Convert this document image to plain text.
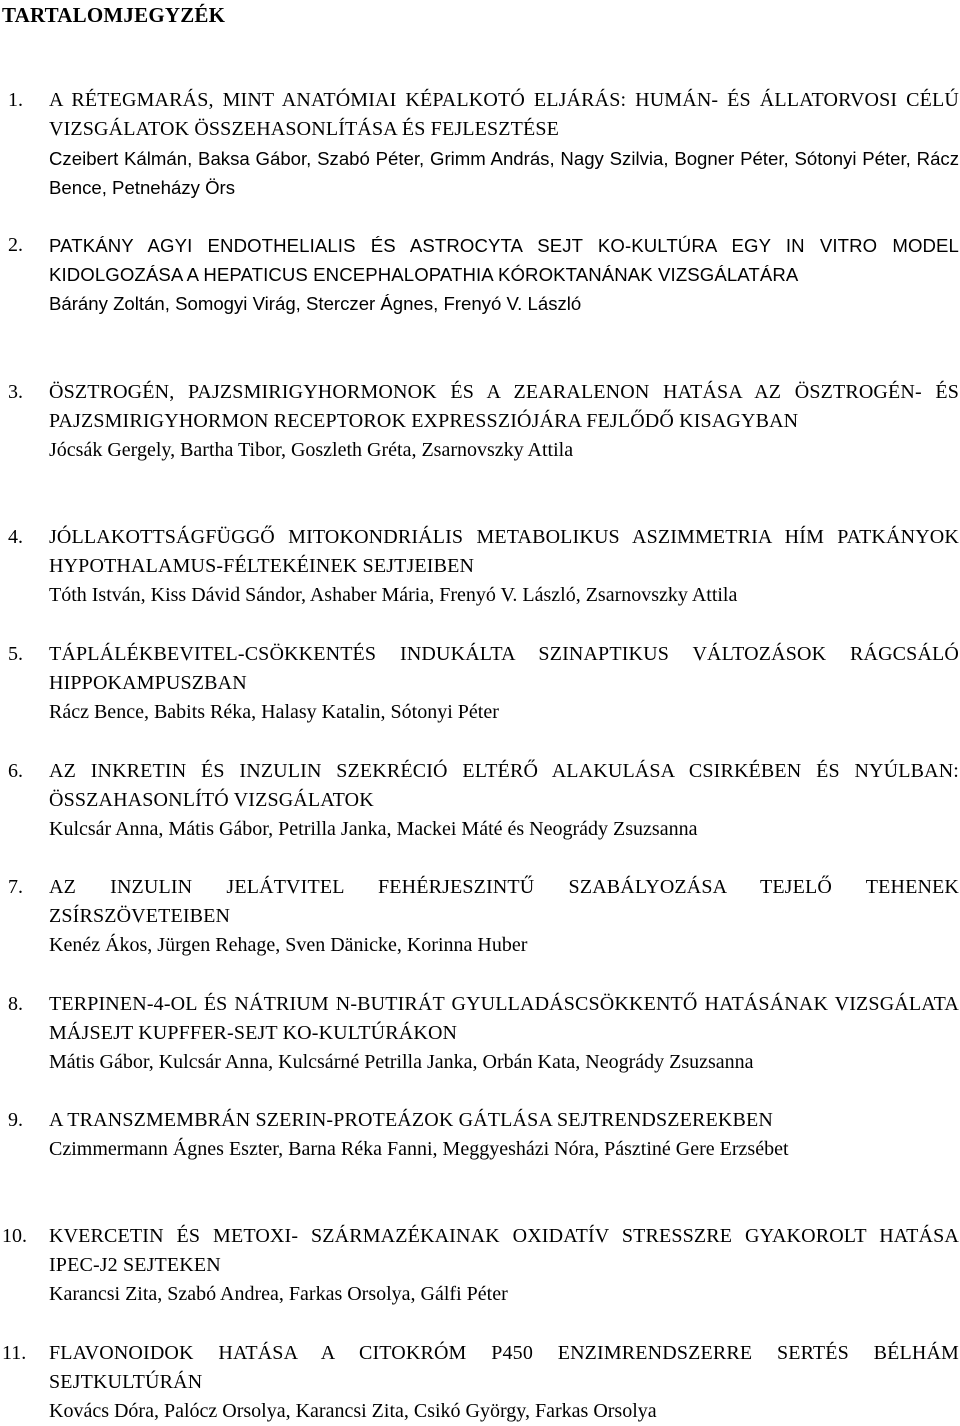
TARTALOMJEGYZÉK
1. A RÉTEGMARÁS, MINT ANATÓMIAI KÉPALKOTÓ ELJÁRÁS: HUMÁN- ÉS ÁLLATORVOSI CÉLÚ VIZSGÁLATOK ÖSSZEHASONLÍTÁSA ÉS FEJLESZTÉSE

Czeibert Kálmán, Baksa Gábor, Szabó Péter, Grimm András, Nagy Szilvia, Bogner Péter, Sótonyi Péter, Rácz Bence, Petneházy Örs

2. PATKÁNY AGYI ENDOTHELIALIS ÉS ASTROCYTA SEJT KO-KULTÚRA EGY IN VITRO MODEL KIDOLGOZÁSA A HEPATICUS ENCEPHALOPATHIA KÓROKTANÁNAK VIZSGÁLATÁRA

Bárány Zoltán, Somogyi Virág, Sterczer Ágnes, Frenyó V. László

3. ÖSZTROGÉN, PAJZSMIRIGYHORMONOK ÉS A ZEARALENON HATÁSA AZ ÖSZTROGÉN- ÉS PAJZSMIRIGYHORMON RECEPTOROK EXPRESSZIÓJÁRA FEJLŐDŐ KISAGYBAN

Jócsák Gergely, Bartha Tibor, Goszleth Gréta, Zsarnovszky Attila

4. JÓLLAKOTTSÁGFÜGGŐ MITOKONDRIÁLIS METABOLIKUS ASZIMMETRIA HÍM PATKÁNYOK HYPOTHALAMUS-FÉLTEKÉINEK SEJTJEIBEN

Tóth István, Kiss Dávid Sándor, Ashaber Mária, Frenyó V. László, Zsarnovszky Attila

5. TÁPLÁLÉKBEVITEL-CSÖKKENTÉS INDUKÁLTA SZINAPTIKUS VÁLTOZÁSOK RÁGCSÁLÓ HIPPOKAMPUSZBAN

Rácz Bence, Babits Réka, Halasy Katalin, Sótonyi Péter

6. AZ INKRETIN ÉS INZULIN SZEKRÉCIÓ ELTÉRŐ ALAKULÁSA CSIRKÉBEN ÉS NYÚLBAN: ÖSSZAHASONLÍTÓ VIZSGÁLATOK

Kulcsár Anna, Mátis Gábor, Petrilla Janka, Mackei Máté és Neogrády Zsuzsanna

7. AZ INZULIN JELÁTVITEL FEHÉRJESZINTŰ SZABÁLYOZÁSA TEJELŐ TEHENEK ZSÍRSZÖVETEIBEN

Kenéz Ákos, Jürgen Rehage, Sven Dänicke, Korinna Huber

8. TERPINEN-4-OL ÉS NÁTRIUM N-BUTIRÁT GYULLADÁSCSÖKKENTŐ HATÁSÁNAK VIZSGÁLATA MÁJSEJT KUPFFER-SEJT KO-KULTÚRÁKON

Mátis Gábor, Kulcsár Anna, Kulcsárné Petrilla Janka, Orbán Kata, Neogrády Zsuzsanna

9. A TRANSZMEMBRÁN SZERIN-PROTEÁZOK GÁTLÁSA SEJTRENDSZEREKBEN

Czimmermann Ágnes Eszter, Barna Réka Fanni, Meggyesházi Nóra, Pásztiné Gere Erzsébet

10. KVERCETIN ÉS METOXI- SZÁRMAZÉKAINAK OXIDATÍV STRESSZRE GYAKOROLT HATÁSA IPEC-J2 SEJTEKEN

Karancsi Zita, Szabó Andrea, Farkas Orsolya, Gálfi Péter

11. FLAVONOIDOK HATÁSA A CITOKRÓM P450 ENZIMRENDSZERRE SERTÉS BÉLHÁM SEJTKULTÚRÁN

Kovács Dóra, Palócz Orsolya, Karancsi Zita, Csikó György, Farkas Orsolya
